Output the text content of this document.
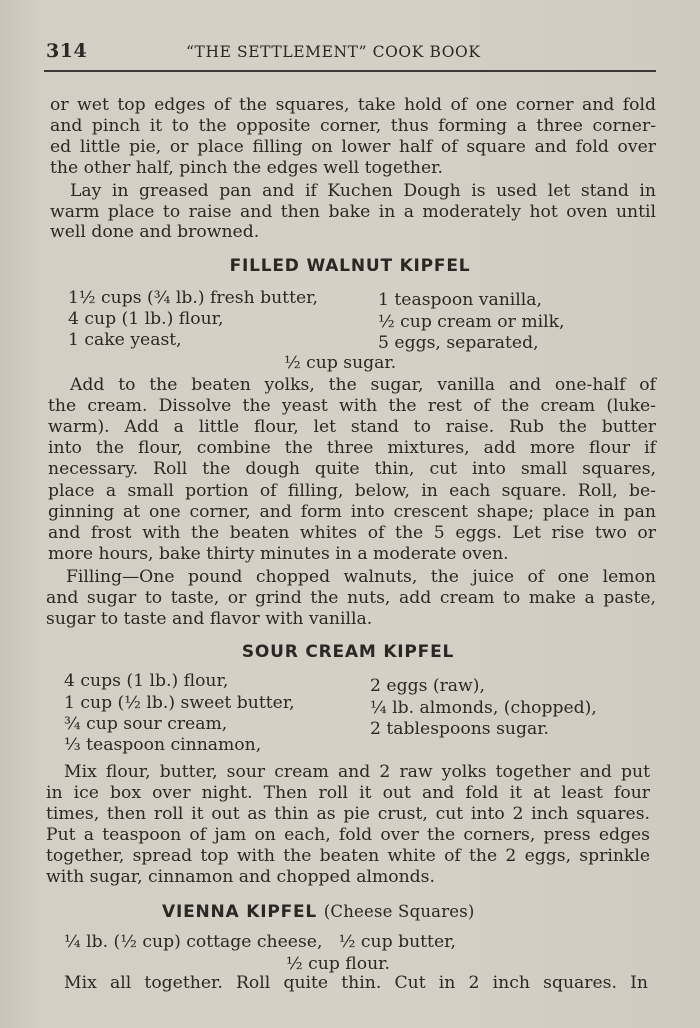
314	“THE SETTLEMENT” COOK BOOK
or wet top edges of the squares, take hold of one corner and fold
and pinch it to the opposite corner, thus forming a three corner-
ed little pie, or place filling on lower half of square and fold over
the other half, pinch the edges well together.
Lay in greased pan and if Kuchen Dough is used let stand in
warm place to raise and then bake in a moderately hot oven until
well done and browned.
FILLED WALNUT KIPFEL
1½ cups (¾ lb.) fresh butter,
4 cup (1 lb.) flour,
1 cake yeast,
1 teaspoon vanilla,
½ cup cream or milk,
5 eggs, separated,
½ cup sugar.
Add to the beaten yolks, the sugar, vanilla and one-half of
the cream. Dissolve the yeast with the rest of the cream (luke-
warm). Add a little flour, let stand to raise. Rub the butter
into the flour, combine the three mixtures, add more flour if
necessary. Roll the dough quite thin, cut into small squares,
place a small portion of filling, below, in each square. Roll, be-
ginning at one corner, and form into crescent shape; place in pan
and frost with the beaten whites of the 5 eggs. Let rise two or
more hours, bake thirty minutes in a moderate oven.
Filling—One pound chopped walnuts, the juice of one lemon
and sugar to taste, or grind the nuts, add cream to make a paste,
sugar to taste and flavor with vanilla.
SOUR CREAM KIPFEL
4 cups (1 lb.) flour,
1 cup (½ lb.) sweet butter,
¾ cup sour cream,
⅓ teaspoon cinnamon,
2 eggs (raw),
¼ lb. almonds, (chopped),
2 tablespoons sugar.
Mix flour, butter, sour cream and 2 raw yolks together and put
in ice box over night. Then roll it out and fold it at least four
times, then roll it out as thin as pie crust, cut into 2 inch squares.
Put a teaspoon of jam on each, fold over the corners, press edges
together, spread top with the beaten white of the 2 eggs, sprinkle
with sugar, cinnamon and chopped almonds.
VIENNA KIPFEL (Cheese Squares)
¼ lb. (½ cup) cottage cheese,   ½ cup butter,
½ cup flour.
Mix all together. Roll quite thin. Cut in 2 inch squares. In
